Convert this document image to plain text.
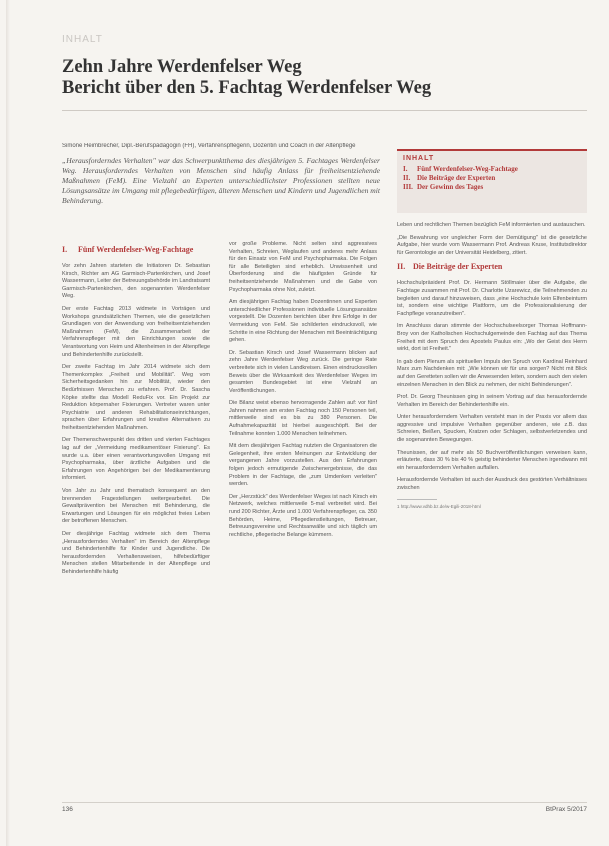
INHALT
Zehn Jahre Werdenfelser Weg
Bericht über den 5. Fachtag Werdenfelser Weg
Simone Heimbrecher, Dipl.-Berufspädagogin (FH), Verfahrenspflegerin, Dozentin und Coach in der Altenpflege

„Herausforderndes Verhalten" war das Schwerpunktthema des diesjährigen 5. Fachtages Werdenfelser Weg. Herausforderndes Verhalten von Menschen sind häufig Anlass für freiheitsentziehende Maßnahmen (FeM). Eine Vielzahl an Experten unterschiedlichster Professionen stellten neue Lösungsansätze im Umgang mit pflegebedürftigen, älteren Menschen und Kindern und Jugendlichen mit Behinderung.

INHALT
I.	Fünf Werdenfelser-Weg-Fachtage
II. Die Beiträge der Experten
III. Der Gewinn des Tages
I.	Fünf Werdenfelser-Weg-Fachtage

Vor zehn Jahren starteten die Initiatoren Dr. Sebastian Kirsch, Richter am AG Garmisch-Partenkirchen, und Josef Wassermann, Leiter der Betreuungsbehörde im Landratsamt Garmisch-Partenkirchen, den sogenannten Werdenfelser Weg.

Der erste Fachtag 2013 widmete in Vorträgen und Workshops grundsätzlichen Themen, wie die gesetzlichen Grundlagen von der Anwendung von freiheitsentziehenden Maßnahmen (FeM), die Zusammenarbeit der Verfahrenspfleger mit den Einrichtungen sowie die Verantwortung von Heim und Altenheimen in der Altenpflege und Behindertenhilfe zurückstellt.

Der zweite Fachtag im Jahr 2014 widmete sich dem Themenkomplex „Freiheit und Mobilität". Weg vom Sicherheitsgedanken hin zur Mobilität, wieder den Bedürfnissen Menschen zu erfahren. Prof. Dr. Sascha Köpke stellte das Modell ReduFix vor. Ein Projekt zur Reduktion körpernaher Fixierungen. Vertreter waren unter Psychiatrie und anderen Rehabilitationseinrichtungen, sprachen über Erfahrungen und kreative Alternativen zu freiheitsentziehenden Maßnahmen.

Der Themenschwerpunkt des dritten und vierten Fachtages lag auf der „Vermeidung medikamentöser Fixierung". Es wurde u.a. über einen verantwortungsvollen Umgang mit Psychopharmaka, über ärztliche Aufgaben und die Erfahrungen von Angehörigen bei der Medikamentierung informiert.

Von Jahr zu Jahr und thematisch konsequent an den brennenden Fragestellungen weitergearbeitet. Die Gewaltprävention bei Menschen mit Behinderung, die Erwartungen und Lösungen für ein möglichst freies Leben der betroffenen Menschen.

Der diesjährige Fachtag widmete sich dem Thema „Herausforderndes Verhalten" im Bereich der Altenpflege und Behindertenhilfe für Kinder und Jugendliche. Die herausfordernden Verhaltensweisen, hilfebedürftiger Menschen stellen Mitarbeitende in der Altenpflege und Behindertenhilfe häufig

vor große Probleme. Nicht selten sind aggressives Verhalten, Schreien, Weglaufen und anderes mehr Anlass für den Einsatz von FeM und Psychopharmaka. Die Folgen für alle Beteiligten sind erheblich. Unwissenheit und Überforderung sind die häufigsten Gründe für freiheitsentziehende Maßnahmen und die Gabe von Psychopharmaka ohne Not, zuletzt.

Am diesjährigen Fachtag haben Dozentinnen und Experten unterschiedlicher Professionen individuelle Lösungsansätze vorgestellt. Die Dozenten berichten über ihre Erfolge in der Vermeidung von FeM. Sie schilderten eindrucksvoll, wie Schritte in eine Richtung der Menschen mit Beeinträchtigung gehen.

Dr. Sebastian Kirsch und Josef Wassermann blicken auf zehn Jahre Werdenfelser Weg zurück. Die geringe Rate verbreitete sich in vielen Landkreisen. Einen eindrucksvollen Beweis über die Wirksamkeit des Werdenfelser Weges im gesamten Bundesgebiet ist eine Vielzahl an Veröffentlichungen.

Die Bilanz weist ebenso hervorragende Zahlen auf: vor fünf Jahren nahmen am ersten Fachtag noch 150 Personen teil, mittlerweile sind es bis zu 380 Personen. Die Aufnahmekapazität ist hierbei ausgeschöpft. Bei der Teilnahme konnten 1.000 Menschen teilnehmen.

Mit dem diesjährigen Fachtag nutzten die Organisatoren die Gelegenheit, ihre ersten Meinungen zur Entwicklung der vergangenen Jahre vorzustellen. Aus den Erfahrungen folgen jedoch ermutigende Zwischenergebnisse, die das Problem in der Fachtage, die „zum Umdenken verleiten" werden.

Der „Herzstück" des Werdenfelser Weges ist nach Kirsch ein Netzwerk, welches mittlerweile 5-mal verbreitet wird. Bei rund 200 Richter, Ärzte und 1.000 Verfahrenspfleger, ca. 350 Behörden, Heime, Pflegedienstleitungen, Betreuer, Betreuungsvereine und Rechtsanwälte und sich täglich um rechtliche, pflegerische Belange kümmern.

Leben und rechtlichen Themen bezüglich FeM informierten und austauschen.

„Die Bewahrung vor ungleicher Form der Demütigung" ist die gesetzliche Aufgabe, hier wurde vom Wassermann Prof. Andreas Kruse, Institutsdirektor für Gerontologie an der Universität Heidelberg, zitiert.

II. Die Beiträge der Experten

Hochschulpräsident Prof. Dr. Hermann Stöllmaier über die Aufgabe, die Fachtage zusammen mit Prof. Dr. Charlotte Uzarewicz, die Teilnehmenden zu begleiten und darauf hinzuweisen, dass „eine Hochschule kein Elfenbeinturm ist, sondern eine wichtige Plattform, um die Professionalisierung der Fachpflege voranzutreiben".

Im Anschluss daran stimmte der Hochschulseelsorger Thomas Hoffmann-Broy von der Katholischen Hochschulgemeinde den Fachtag auf das Thema Freiheit mit dem Spruch des Apostels Paulus ein: „Wo der Geist des Herrn wirkt, dort ist Freiheit."

In gab dem Plenum als spirituellen Impuls den Spruch von Kardinal Reinhard Marx zum Nachdenken mit: „Wie können wir für uns sorgen? Nicht mit Blick auf den Geretteten sollen wir die Anwesenden leiten, sondern auch den vielen einzelnen Menschen in den Blick zu nehmen, der nicht Behinderungen".

Prof. Dr. Georg Theunissen ging in seinem Vortrag auf das herausfordernde Verhalten im Bereich der Behindertenhilfe ein.

Unter herausforderndem Verhalten versteht man in der Praxis vor allem das aggressive und impulsive Verhalten gegenüber anderen, wie z.B. das Schreien, Beißen, Spucken, Kratzen oder Schlagen, selbstverletzendes und die sogenannten Bewegungen.

Theunissen, der auf mehr als 50 Buchveröffentlichungen verweisen kann, erläuterte, dass 30 % bis 40 % geistig behinderter Menschen irgendwann mit ein herausforderndem Verhalten auffallen.

Herausfordernde Verhalten ist auch der Ausdruck des gestörten Verhältnisses zwischen

1 http://www.vdhb.bz.de/w-Egili-2018-html
136	BtPrax 5/2017
